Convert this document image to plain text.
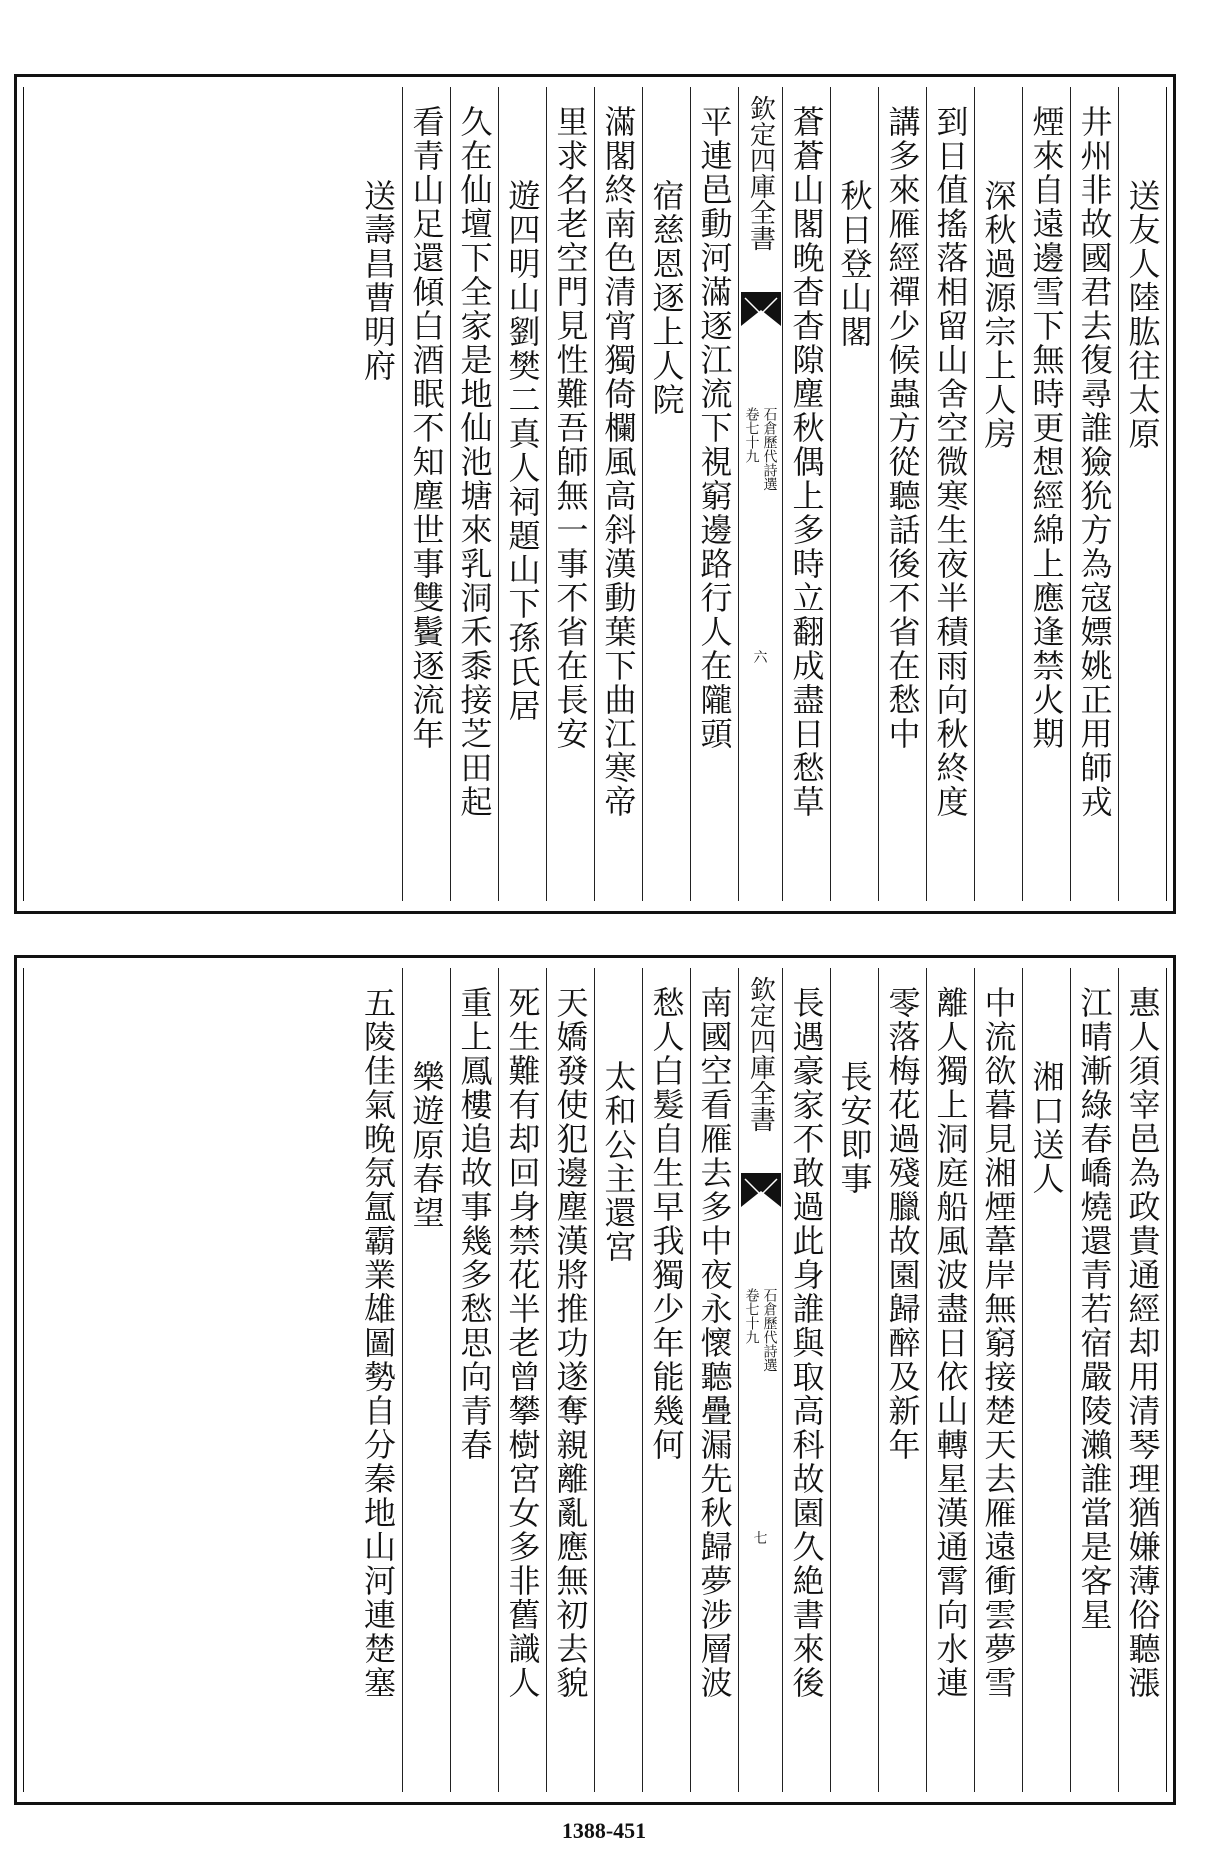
送友人陸肱往太原
井州非故國君去復尋誰獫狁方為寇嫖姚正用師戎
煙來自遠邊雪下無時更想經綿上應逢禁火期
深秋過源宗上人房
到日值搖落相留山舍空微寒生夜半積雨向秋終度
講多來雁經禪少候蟲方從聽話後不省在愁中
秋日登山閣
蒼蒼山閣晚杳杳隙塵秋偶上多時立翻成盡日愁草
欽定四庫全書
石倉歷代詩選
卷七十九
六
平連邑動河滿逐江流下視窮邊路行人在隴頭
宿慈恩逐上人院
滿閣終南色清宵獨倚欄風高斜漢動葉下曲江寒帝
里求名老空門見性難吾師無一事不省在長安
遊四明山劉樊二真人祠題山下孫氏居
久在仙壇下全家是地仙池塘來乳洞禾黍接芝田起
看青山足還傾白酒眠不知塵世事雙鬢逐流年
送壽昌曹明府
惠人須宰邑為政貴通經却用清琴理猶嫌薄俗聽漲
江晴漸綠春嶠燒還青若宿嚴陵瀨誰當是客星
湘口送人
中流欲暮見湘煙葦岸無窮接楚天去雁遠衝雲夢雪
離人獨上洞庭船風波盡日依山轉星漢通霄向水連
零落梅花過殘臘故園歸醉及新年
長安即事
長遇豪家不敢過此身誰與取高科故園久絶書來後
欽定四庫全書
石倉歷代詩選
卷七十九
七
南國空看雁去多中夜永懷聽疊漏先秋歸夢涉層波
愁人白髮自生早我獨少年能幾何
太和公主還宮
天嬌發使犯邊塵漢將推功遂奪親離亂應無初去貌
死生難有却回身禁花半老曾攀樹宮女多非舊識人
重上鳳樓追故事幾多愁思向青春
樂遊原春望
五陵佳氣晚氛氲霸業雄圖勢自分秦地山河連楚塞
1388-451
